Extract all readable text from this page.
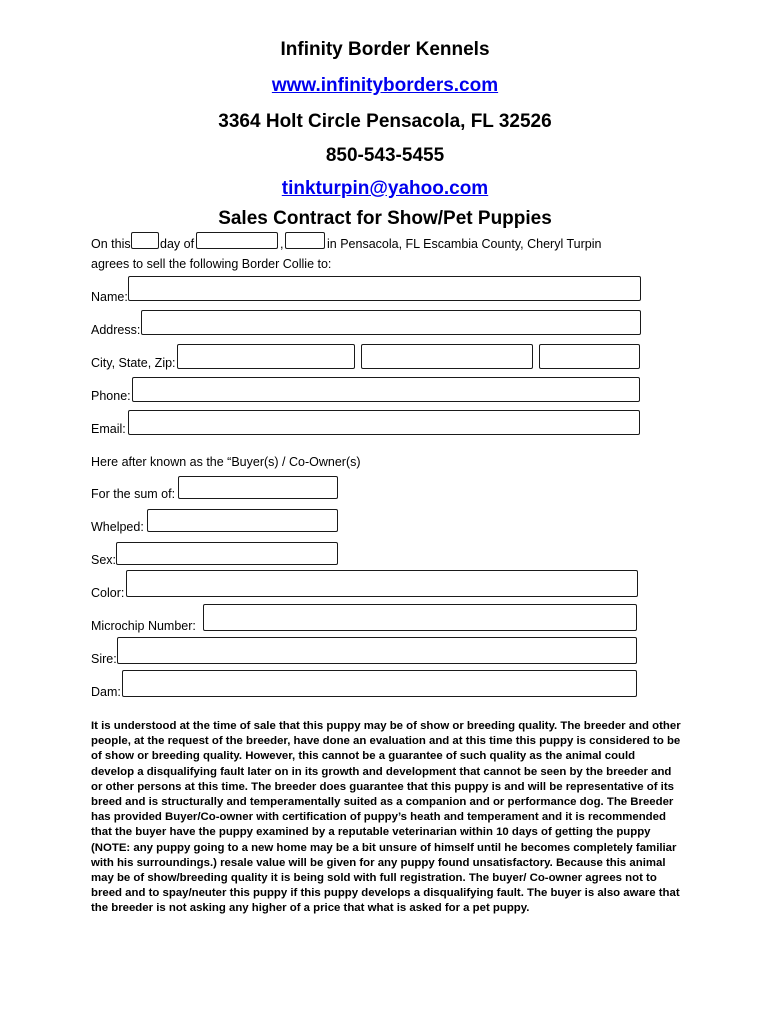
Infinity Border Kennels
www.infinityborders.com
3364 Holt Circle Pensacola, FL 32526
850-543-5455
tinkturpin@yahoo.com
Sales Contract for Show/Pet Puppies
On this day of	,	in Pensacola, FL Escambia County, Cheryl Turpin
agrees to sell the following Border Collie to:
Name:
Address:
City, State, Zip:
Phone:
Email:
Here after known as the “Buyer(s) / Co-Owner(s)
For the sum of:
Whelped:
Sex:
Color:
Microchip Number:
Sire:
Dam:
It is understood at the time of sale that this puppy may be of show or breeding quality. The breeder and other people, at the request of the breeder, have done an evaluation and at this time this puppy is considered to be of show or breeding quality. However, this cannot be a guarantee of such quality as the animal could develop a disqualifying fault later on in its growth and development that cannot be seen by the breeder and or other persons at this time. The breeder does guarantee that this puppy is and will be representative of its breed and is structurally and temperamentally suited as a companion and or performance dog. The Breeder has provided Buyer/Co-owner with certification of puppy’s heath and temperament and it is recommended that the buyer have the puppy examined by a reputable veterinarian within 10 days of getting the puppy (NOTE: any puppy going to a new home may be a bit unsure of himself until he becomes completely familiar with his surroundings.) resale value will be given for any puppy found unsatisfactory. Because this animal may be of show/breeding quality it is being sold with full registration. The buyer/ Co-owner agrees not to breed and to spay/neuter this puppy if this puppy develops a disqualifying fault. The buyer is also aware that the breeder is not asking any higher of a price that what is asked for a pet puppy.
